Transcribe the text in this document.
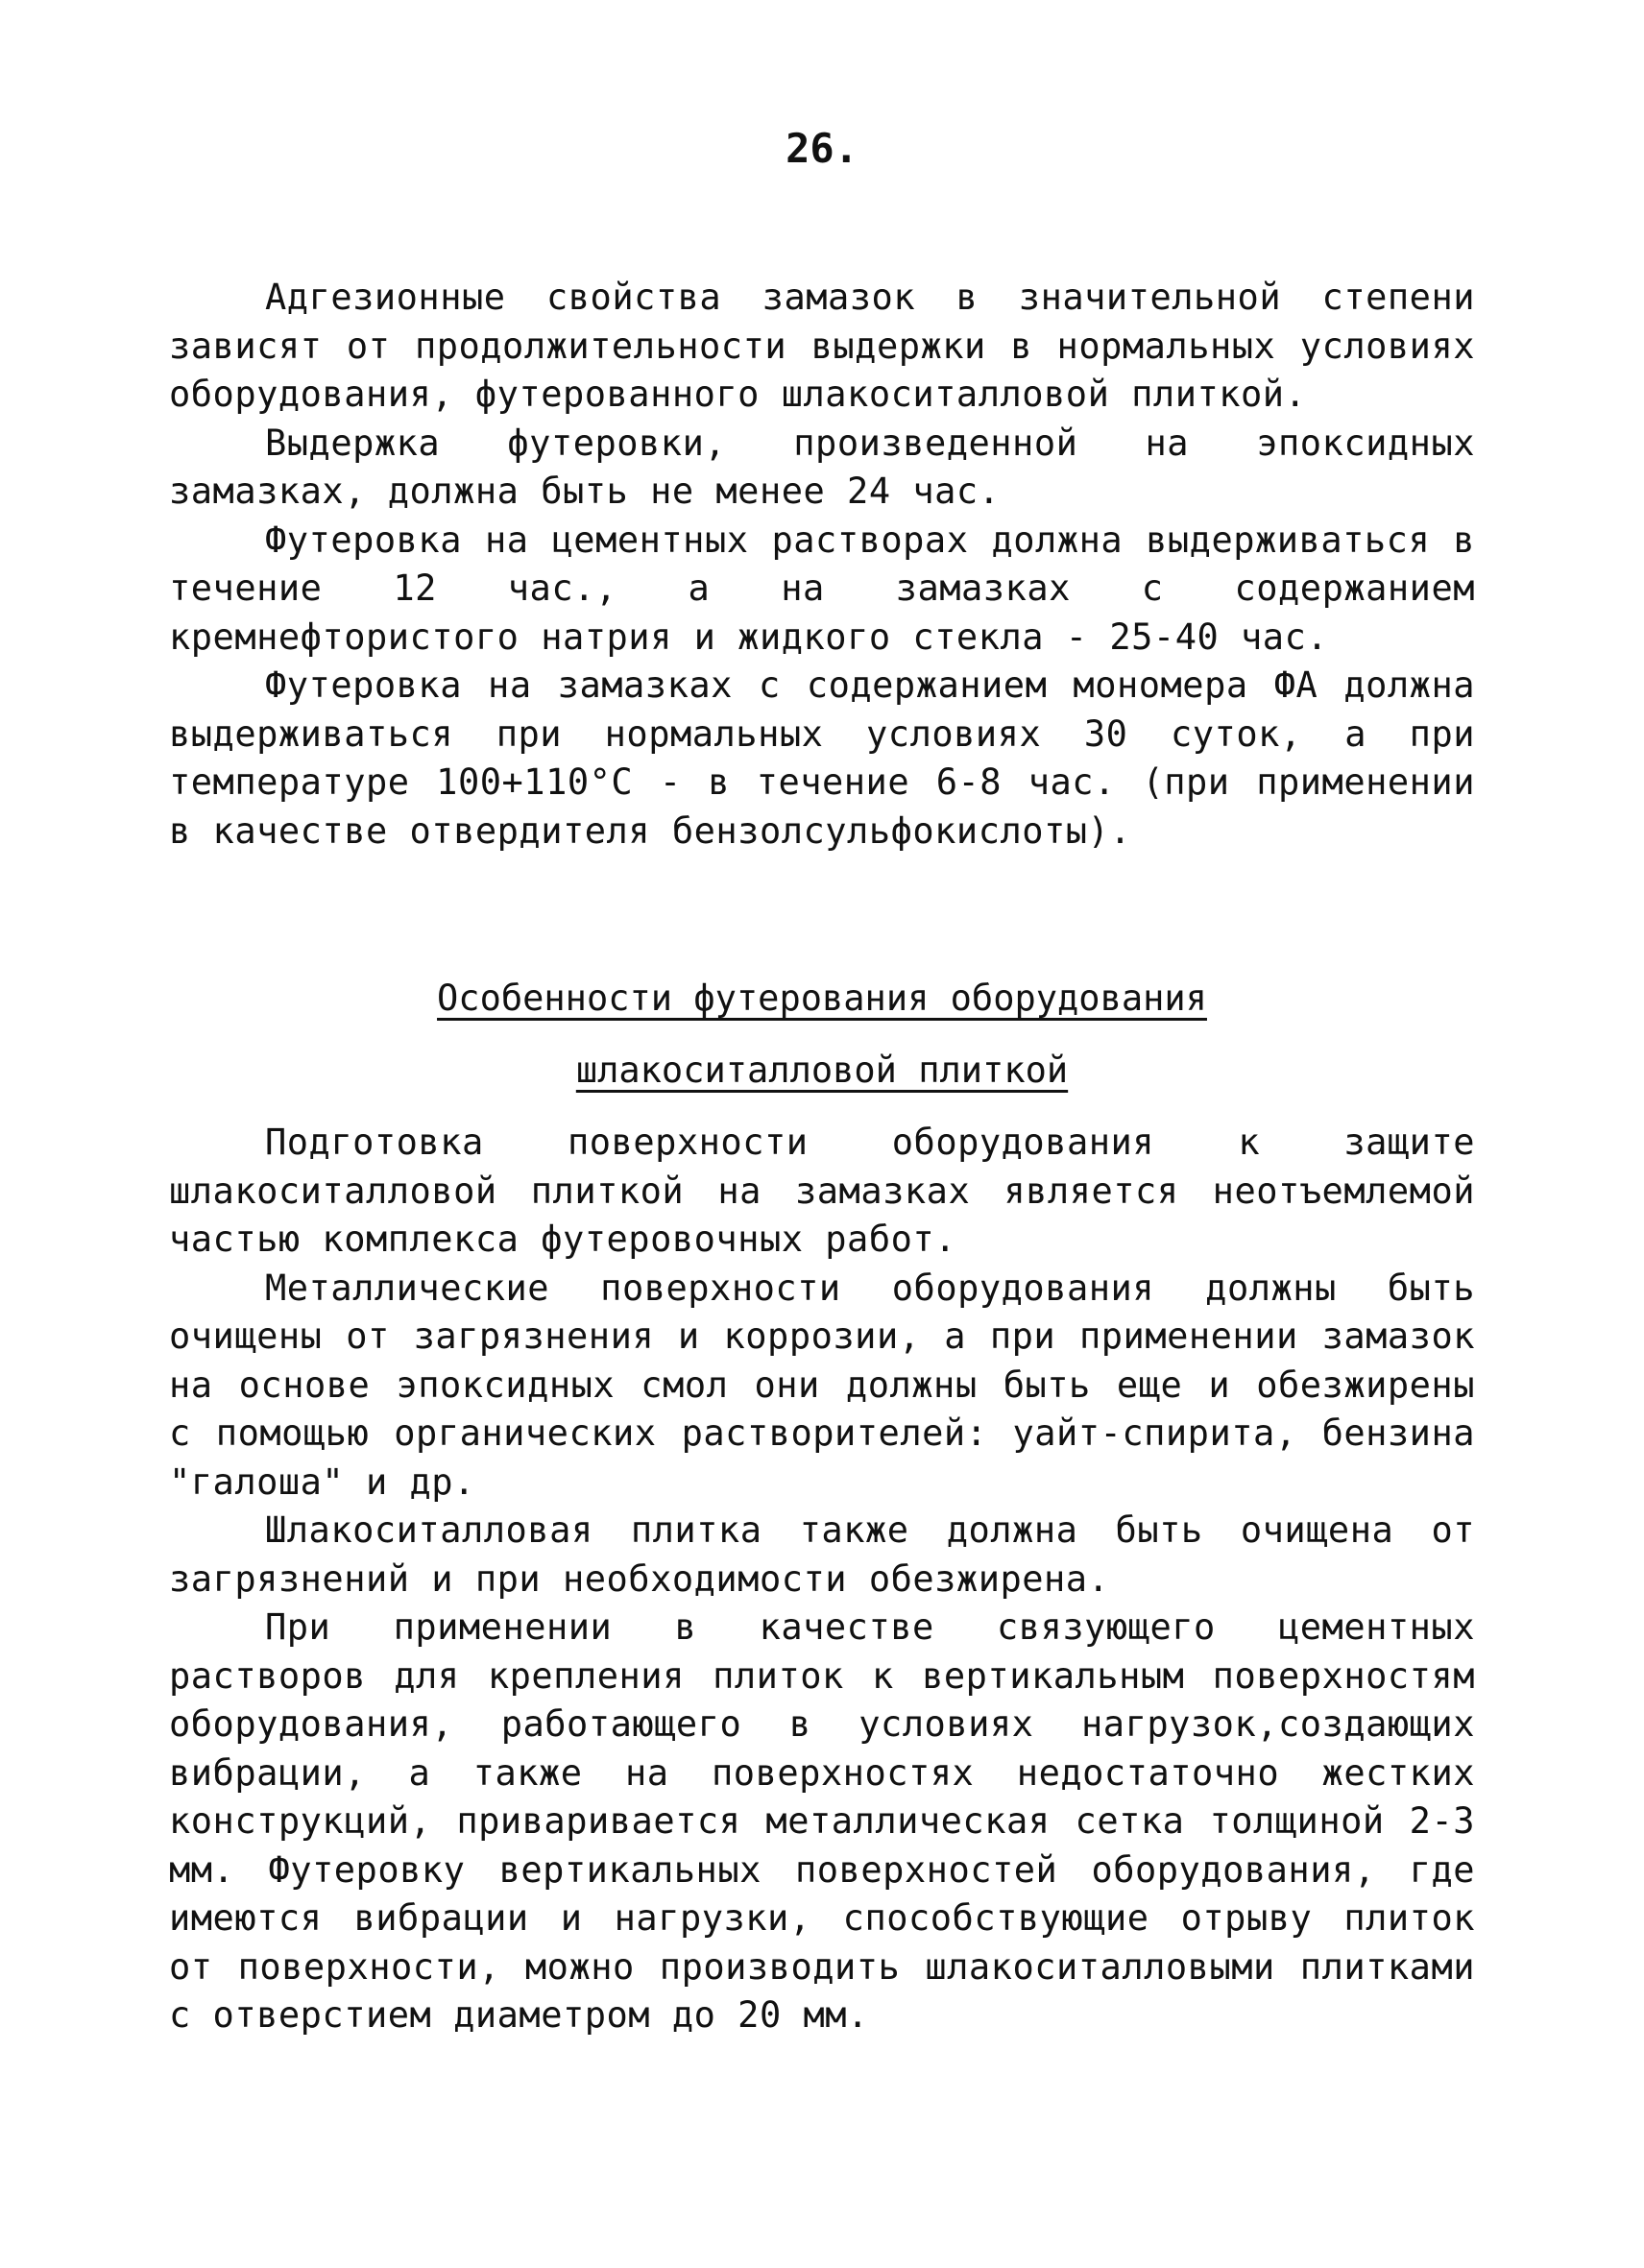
26.

Адгезионные свойства замазок в значительной степени зависят от продолжительности выдержки в нормальных условиях оборудования, футерованного шлакоситалловой плиткой.

Выдержка футеровки, произведенной на эпоксидных замазках, должна быть не менее 24 час.

Футеровка на цементных растворах должна выдерживаться в течение 12 час., а на замазках с содержанием кремнефтористого натрия и жидкого стекла - 25-40 час.

Футеровка на замазках с содержанием мономера ФА должна выдерживаться при нормальных условиях 30 суток, а при температуре 100+110°С - в течение 6-8 час. (при применении в качестве отвердителя бензолсульфокислоты).

Особенности футерования оборудования
шлакоситалловой плиткой

Подготовка поверхности оборудования к защите шлакоситалловой плиткой на замазках является неотъемлемой частью комплекса футеровочных работ.

Металлические поверхности оборудования должны быть очищены от загрязнения и коррозии, а при применении замазок на основе эпоксидных смол они должны быть еще и обезжирены с помощью органических растворителей: уайт-спирита, бензина "галоша" и др.

Шлакоситалловая плитка также должна быть очищена от загрязнений и при необходимости обезжирена.

При применении в качестве связующего цементных растворов для крепления плиток к вертикальным поверхностям оборудования, работающего в условиях нагрузок,создающих вибрации, а также на поверхностях недостаточно жестких конструкций, приваривается металлическая сетка толщиной 2-3 мм. Футеровку вертикальных поверхностей оборудования, где имеются вибрации и нагрузки, способствующие отрыву плиток от поверхности, можно производить шлакоситалловыми плитками с отверстием диаметром до 20 мм.
